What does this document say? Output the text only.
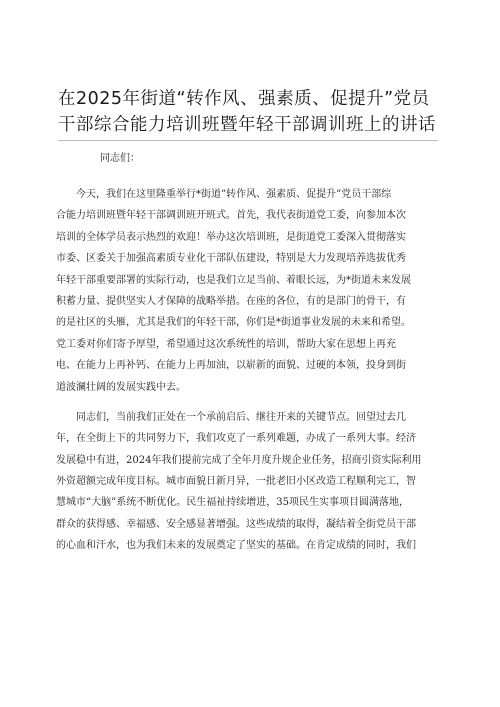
在2025年街道“转作风、强素质、促提升”党员
干部综合能力培训班暨年轻干部调训班上的讲话
同志们：
　　今天，我们在这里隆重举行*街道”转作风、强素质、促提升”党员干部综
合能力培训班暨年轻干部调训班开班式。首先，我代表街道党工委，向参加本次
培训的全体学员表示热烈的欢迎！举办这次培训班，是街道党工委深入贯彻落实
市委、区委关于加强高素质专业化干部队伍建设，特别是大力发现培养选拔优秀
年轻干部重要部署的实际行动，也是我们立足当前、着眼长远，为*街道未来发展
积蓄力量、提供坚实人才保障的战略举措。在座的各位，有的是部门的骨干，有
的是社区的头雁，尤其是我们的年轻干部，你们是*街道事业发展的未来和希望。
党工委对你们寄予厚望，希望通过这次系统性的培训，帮助大家在思想上再充
电、在能力上再补钙、在能力上再加油，以崭新的面貌、过硬的本领，投身到街
道波澜壮阔的发展实践中去。
　　同志们，当前我们正处在一个承前启后、继往开来的关键节点。回望过去几
年，在全街上下的共同努力下，我们攻克了一系列难题，办成了一系列大事。经济
发展稳中有进，2024年我们提前完成了全年月度升规企业任务，招商引资实际利用
外资超额完成年度目标。城市面貌日新月异，一批老旧小区改造工程顺利完工，智
慧城市“大脑”系统不断优化。民生福祉持续增进，35项民生实事项目圆满落地，
群众的获得感、幸福感、安全感显著增强。这些成绩的取得，凝结着全街党员干部
的心血和汗水，也为我们未来的发展奠定了坚实的基础。在肯定成绩的同时，我们
